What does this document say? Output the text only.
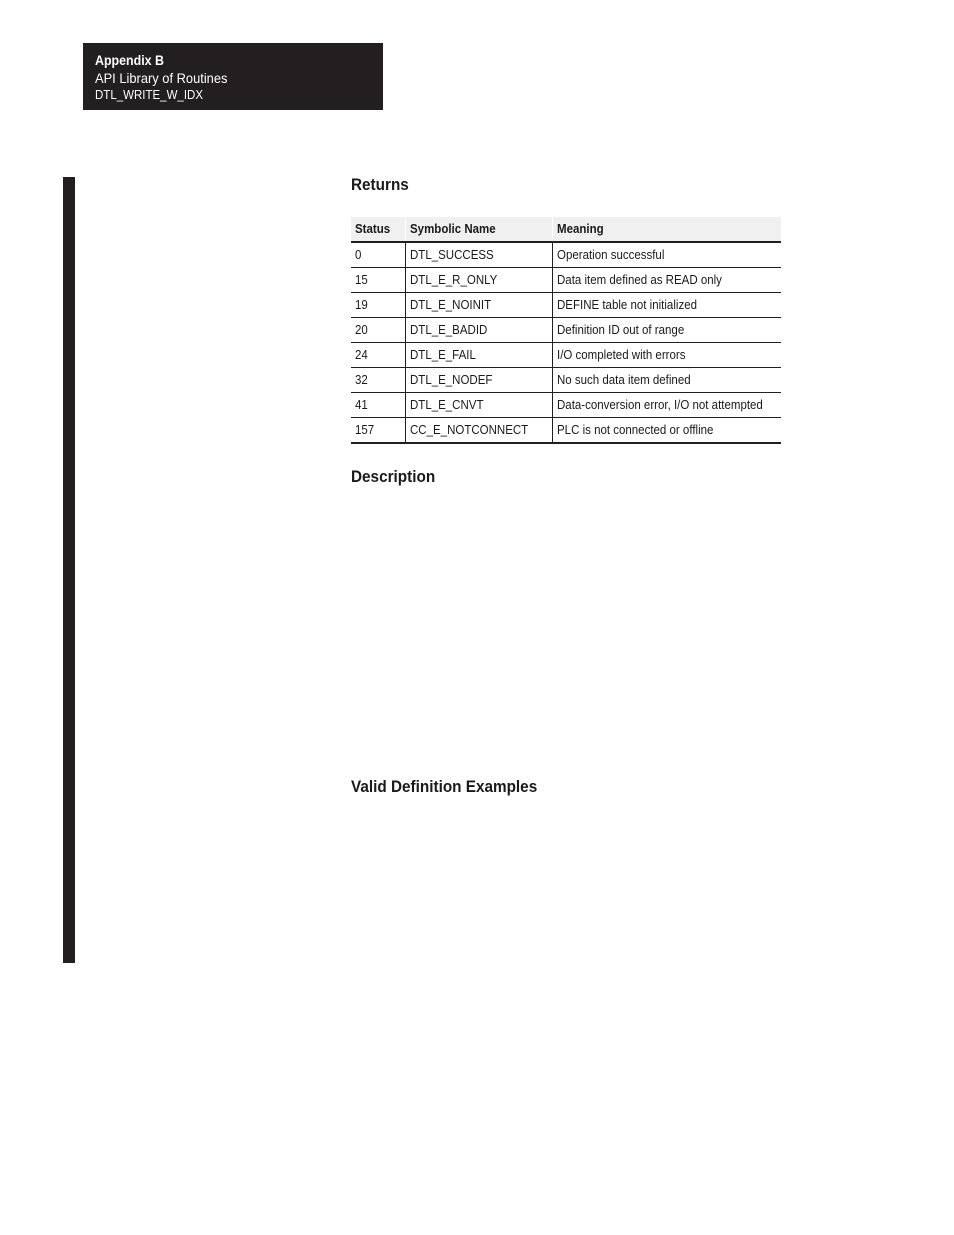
Appendix B
API Library of Routines
DTL_WRITE_W_IDX
Returns
Status	Symbolic Name	Meaning
0	DTL_SUCCESS	Operation successful
15	DTL_E_R_ONLY	Data item defined as READ only
19	DTL_E_NOINIT	DEFINE table not initialized
20	DTL_E_BADID	Definition ID out of range
24	DTL_E_FAIL	I/O completed with errors
32	DTL_E_NODEF	No such data item defined
41	DTL_E_CNVT	Data-conversion error, I/O not attempted
157	CC_E_NOTCONNECT	PLC is not connected or offline
Description
Valid Definition Examples
